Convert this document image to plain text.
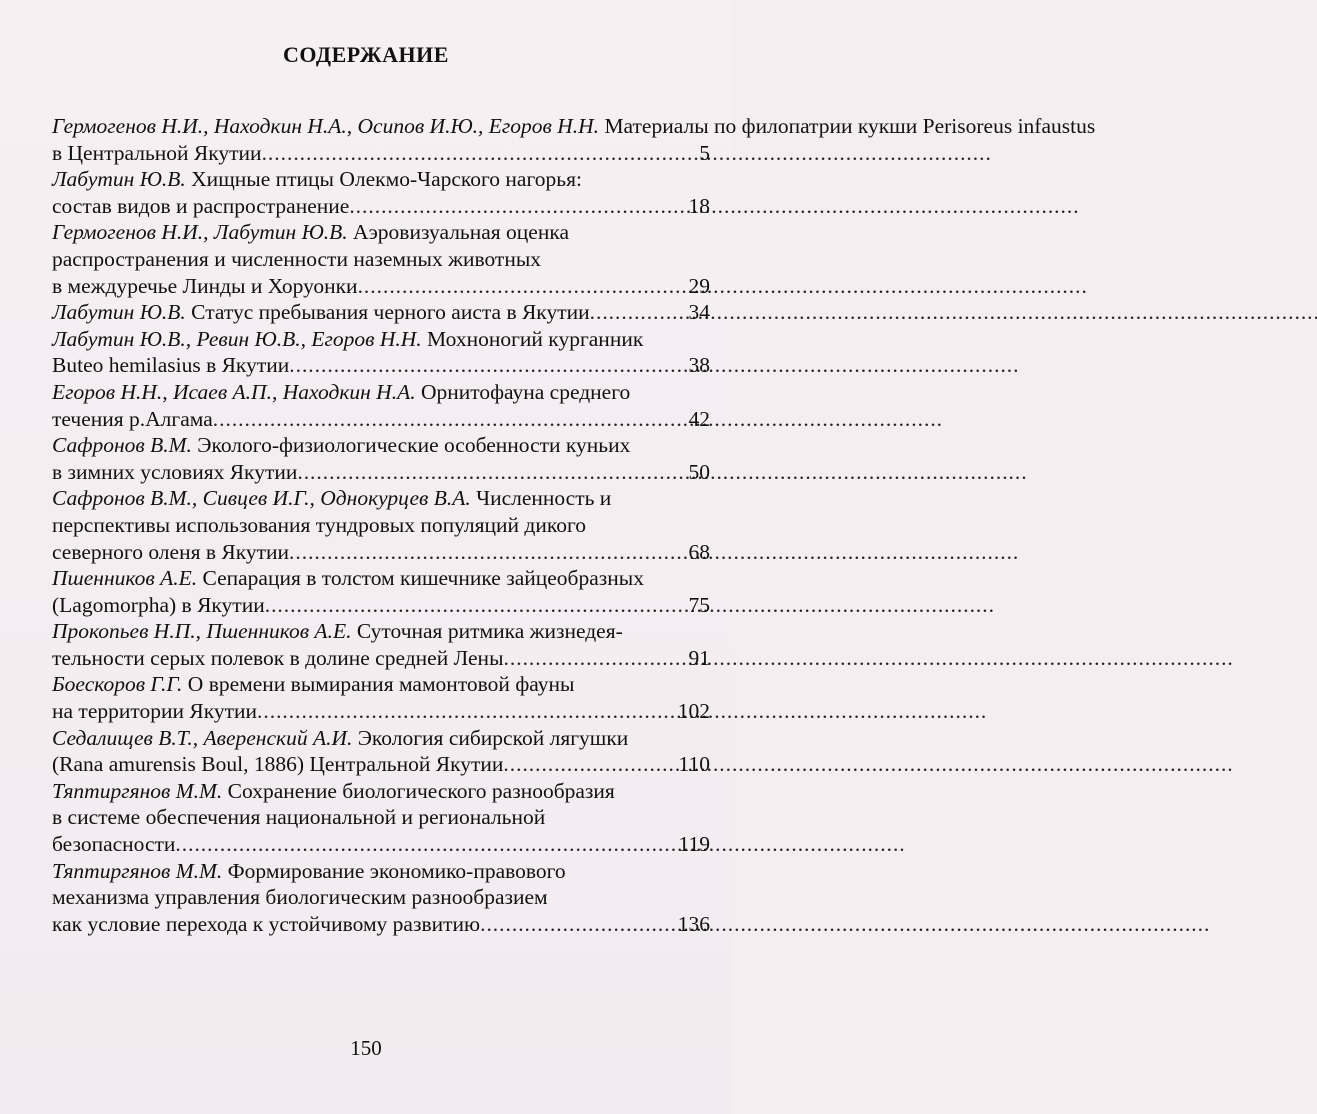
СОДЕРЖАНИЕ
Гермогенов Н.И., Находкин Н.А., Осипов И.Ю., Егоров Н.Н. Материалы по филопатрии кукши Perisoreus infaustus
в Центральной Якутии . . .	5
Лабутин Ю.В. Хищные птицы Олекмо-Чарского нагорья:
состав видов и распространение . . .	18
Гермогенов Н.И., Лабутин Ю.В. Аэровизуальная оценка
распространения и численности наземных животных
в междуречье Линды и Хоруонки . . .	29
Лабутин Ю.В. Статус пребывания черного аиста в Якутии . . .	34
Лабутин Ю.В., Ревин Ю.В., Егоров Н.Н. Мохноногий курганник
Buteo hemilasius в Якутии . . .	38
Егоров Н.Н., Исаев А.П., Находкин Н.А. Орнитофауна среднего
течения р.Алгама . . .	42
Сафронов В.М. Эколого-физиологические особенности куньих
в зимних условиях Якутии . . .	50
Сафронов В.М., Сивцев И.Г., Однокурцев В.А. Численность и
перспективы использования тундровых популяций дикого
северного оленя в Якутии . . .	68
Пшенников А.Е. Сепарация в толстом кишечнике зайцеобразных
(Lagomorpha) в Якутии . . .	75
Прокопьев Н.П., Пшенников А.Е. Суточная ритмика жизнедея-
тельности серых полевок в долине средней Лены . . .	91
Боескоров Г.Г. О времени вымирания мамонтовой фауны
на территории Якутии . . .	102
Седалищев В.Т., Аверенский А.И. Экология сибирской лягушки
(Rana amurensis Boul, 1886) Центральной Якутии . . .	110
Тяптиргянов М.М. Сохранение биологического разнообразия
в системе обеспечения национальной и региональной
безопасности . . .	119
Тяптиргянов М.М. Формирование экономико-правового
механизма управления биологическим разнообразием
как условие перехода к устойчивому развитию . . .	136
150
